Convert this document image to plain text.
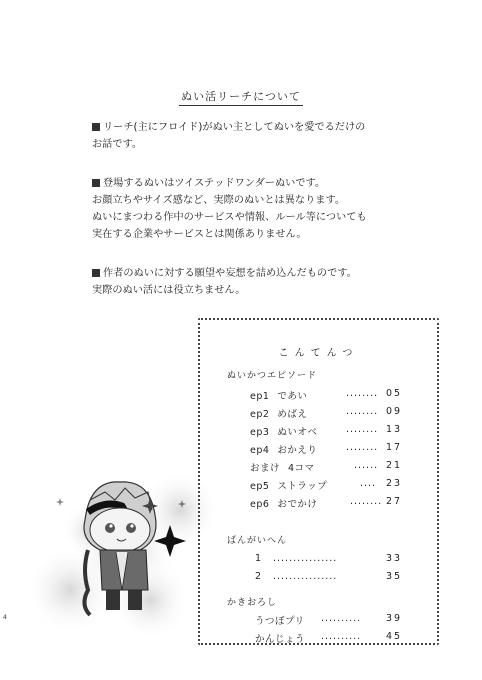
ぬい活リーチについて
リーチ(主にフロイド)がぬい主としてぬいを愛でるだけの
お話です。
登場するぬいはツイステッドワンダーぬいです。
お顔立ちやサイズ感など、実際のぬいとは異なります。
ぬいにまつわる作中のサービスや情報、ルール等についても
実在する企業やサービスとは関係ありません。
作者のぬいに対する願望や妄想を詰め込んだものです。
実際のぬい活には役立ちません。
こんてんつ
ぬいかつエピソード
ep1 であい	........ 05
ep2 めばえ	........ 09
ep3 ぬいオベ	........ 13
ep4 おかえり	........ 17
おまけ 4コマ	...... 21
ep5 ストラップ	.... 23
ep6 おでかけ	........ 27
ばんがいへん
1 ................	33
2 ................	35
かきおろし
うつぼプリ ..........	39
かんじょう ..........	45
4
